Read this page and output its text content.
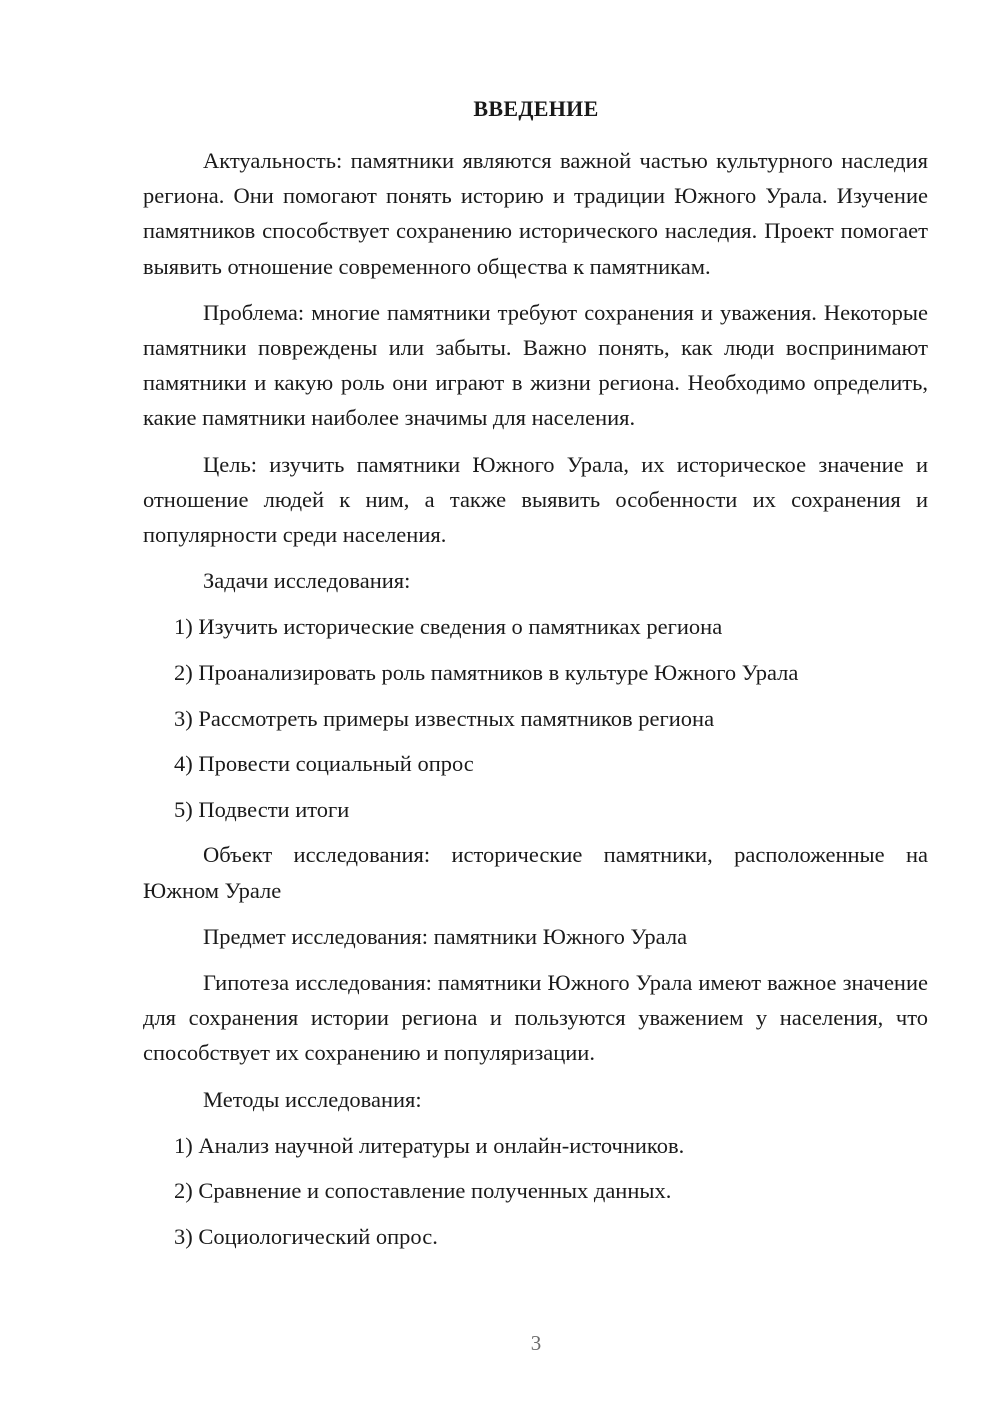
ВВЕДЕНИЕ

Актуальность: памятники являются важной частью культурного наследия региона. Они помогают понять историю и традиции Южного Урала. Изучение памятников способствует сохранению исторического наследия. Проект помогает выявить отношение современного общества к памятникам.

Проблема: многие памятники требуют сохранения и уважения. Некоторые памятники повреждены или забыты. Важно понять, как люди воспринимают памятники и какую роль они играют в жизни региона. Необходимо определить, какие памятники наиболее значимы для населения.

Цель: изучить памятники Южного Урала, их историческое значение и отношение людей к ним, а также выявить особенности их сохранения и популярности среди населения.

Задачи исследования:

1) Изучить исторические сведения о памятниках региона
2) Проанализировать роль памятников в культуре Южного Урала
3) Рассмотреть примеры известных памятников региона
4) Провести социальный опрос
5) Подвести итоги

Объект исследования: исторические памятники, расположенные на Южном Урале

Предмет исследования: памятники Южного Урала

Гипотеза исследования: памятники Южного Урала имеют важное значение для сохранения истории региона и пользуются уважением у населения, что способствует их сохранению и популяризации.

Методы исследования:

1) Анализ научной литературы и онлайн-источников.
2) Сравнение и сопоставление полученных данных.
3) Социологический опрос.
3
